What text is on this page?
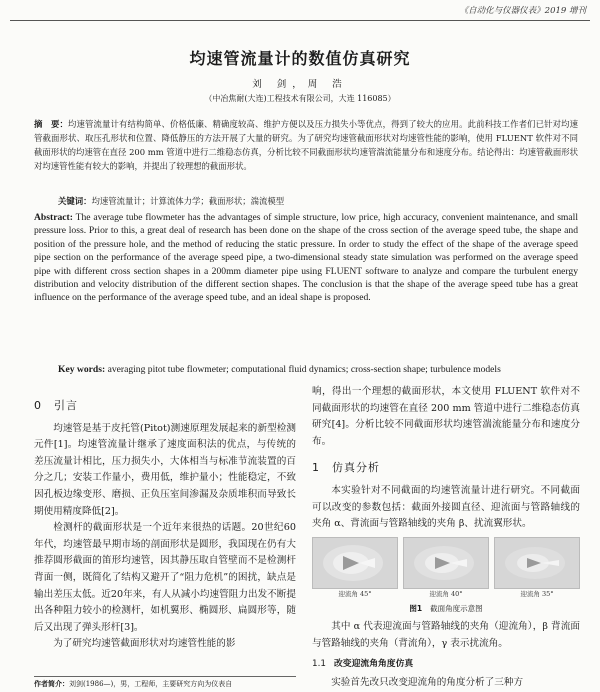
《自动化与仪器仪表》2019 增刊
均速管流量计的数值仿真研究
刘 剑，周 浩
（中冶焦耐(大连)工程技术有限公司，大连 116085）
摘　要：均速管流量计有结构简单、价格低廉、精确度较高、维护方便以及压力损失小等优点，得到了较大的应用。此前科技工作者们已针对均速管截面形状、取压孔形状和位置、降低静压的方法开展了大量的研究。为了研究均速管截面形状对均速管性能的影响，使用 FLUENT 软件对不同截面形状的均速管在直径 200 mm 管道中进行二维稳态仿真，分析比较不同截面形状均速管湍流能量分布和速度分布。结论得出：均速管截面形状对均速管性能有较大的影响，并提出了较理想的截面形状。
关键词：均速管流量计；计算流体力学；截面形状；湍流模型
Abstract: The average tube flowmeter has the advantages of simple structure, low price, high accuracy, convenient maintenance, and small pressure loss. Prior to this, a great deal of research has been done on the shape of the cross section of the average speed tube, the shape and position of the pressure hole, and the method of reducing the static pressure. In order to study the effect of the shape of the average speed pipe section on the performance of the average speed pipe, a two-dimensional steady state simulation was performed on the average speed pipe with different cross section shapes in a 200mm diameter pipe using FLUENT software to analyze and compare the turbulent energy distribution and velocity distribution of the different section shapes. The conclusion is that the shape of the average speed tube has a great influence on the performance of the average speed tube, and an ideal shape is proposed.
Key words: averaging pitot tube flowmeter; computational fluid dynamics; cross-section shape; turbulence models
0 引言

均速管是基于皮托管(Pitot)测速原理发展起来的新型检测元件[1]。均速管流量计继承了速度面积法的优点，与传统的差压流量计相比，压力损失小，大体相当与标准节流装置的百分之几；安装工作量小，费用低，维护量小；性能稳定，不致因孔板边缘变形、磨损、正负压室间渗漏及杂质堆积而导致长期使用精度降低[2]。

检测杆的截面形状是一个近年来很热的话题。20世纪60年代，均速管最早期市场的剖面形状是圆形，我国现在仍有大推荐圆形截面的笛形均速管，因其静压取自管壁而不是检测杆背面一侧，既简化了结构又避开了“阻力危机”的困扰，缺点是输出差压太低。近20年来，有人从减小均速管阻力出发不断提出各种阻力较小的检测杆，如机翼形、椭圆形、扁圆形等，随后又出现了弹头形杆[3]。

为了研究均速管截面形状对均速管性能的影

响，得出一个理想的截面形状，本文使用 FLUENT 软件对不同截面形状的均速管在直径 200 mm 管道中进行二维稳态仿真研究[4]。分析比较不同截面形状均速管湍流能量分布和速度分布。

1 仿真分析

本实验针对不同截面的均速管流量计进行研究。不同截面可以改变的参数包括：截面外接圆直径、迎流面与管路轴线的夹角 α、背流面与管路轴线的夹角 β、扰流翼形状。

迎流角 45°	迎流角 40°	迎流角 35°
图1 截面角度示意图

其中 α 代表迎流面与管路轴线的夹角（迎流角），β 背流面与管路轴线的夹角（背流角），γ 表示扰流角。

1.1 改变迎流角角度仿真

实验首先改只改变迎流角的角度分析了三种方

作者简介：刘剑(1986—)，男，工程师，主要研究方向为仪表自
